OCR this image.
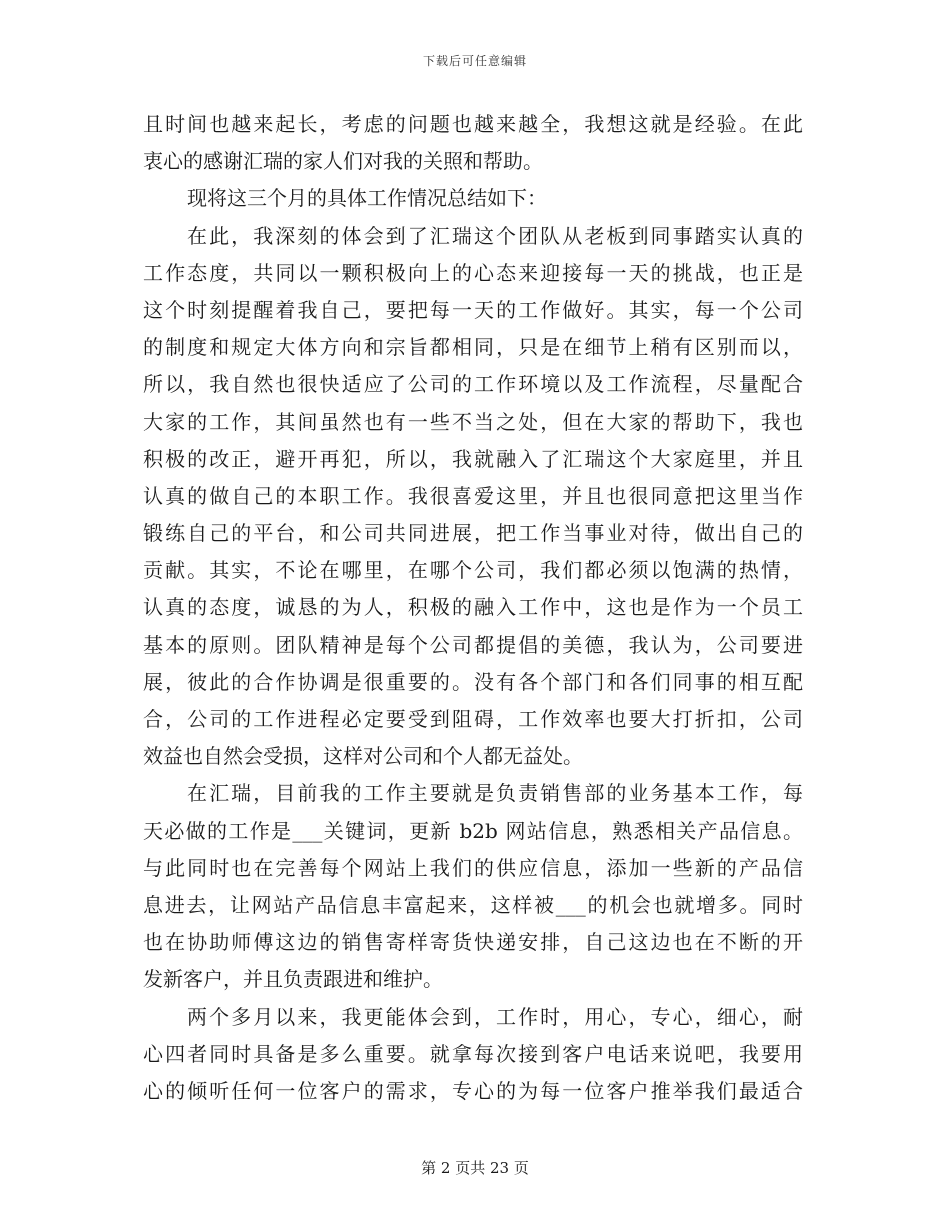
下载后可任意编辑
且时间也越来起长，考虑的问题也越来越全，我想这就是经验。在此
衷心的感谢汇瑞的家人们对我的关照和帮助。
现将这三个月的具体工作情况总结如下：
在此，我深刻的体会到了汇瑞这个团队从老板到同事踏实认真的
工作态度，共同以一颗积极向上的心态来迎接每一天的挑战，也正是
这个时刻提醒着我自己，要把每一天的工作做好。其实，每一个公司
的制度和规定大体方向和宗旨都相同，只是在细节上稍有区别而以，
所以，我自然也很快适应了公司的工作环境以及工作流程，尽量配合
大家的工作，其间虽然也有一些不当之处，但在大家的帮助下，我也
积极的改正，避开再犯，所以，我就融入了汇瑞这个大家庭里，并且
认真的做自己的本职工作。我很喜爱这里，并且也很同意把这里当作
锻练自己的平台，和公司共同进展，把工作当事业对待，做出自己的
贡献。其实，不论在哪里，在哪个公司，我们都必须以饱满的热情，
认真的态度，诚恳的为人，积极的融入工作中，这也是作为一个员工
基本的原则。团队精神是每个公司都提倡的美德，我认为，公司要进
展，彼此的合作协调是很重要的。没有各个部门和各们同事的相互配
合，公司的工作进程必定要受到阻碍，工作效率也要大打折扣，公司
效益也自然会受损，这样对公司和个人都无益处。
在汇瑞，目前我的工作主要就是负责销售部的业务基本工作，每
天必做的工作是___关键词，更新 b2b 网站信息，熟悉相关产品信息。
与此同时也在完善每个网站上我们的供应信息，添加一些新的产品信
息进去，让网站产品信息丰富起来，这样被___的机会也就增多。同时
也在协助师傅这边的销售寄样寄货快递安排，自己这边也在不断的开
发新客户，并且负责跟进和维护。
两个多月以来，我更能体会到，工作时，用心，专心，细心，耐
心四者同时具备是多么重要。就拿每次接到客户电话来说吧，我要用
心的倾听任何一位客户的需求，专心的为每一位客户推举我们最适合
第 2 页共 23 页
